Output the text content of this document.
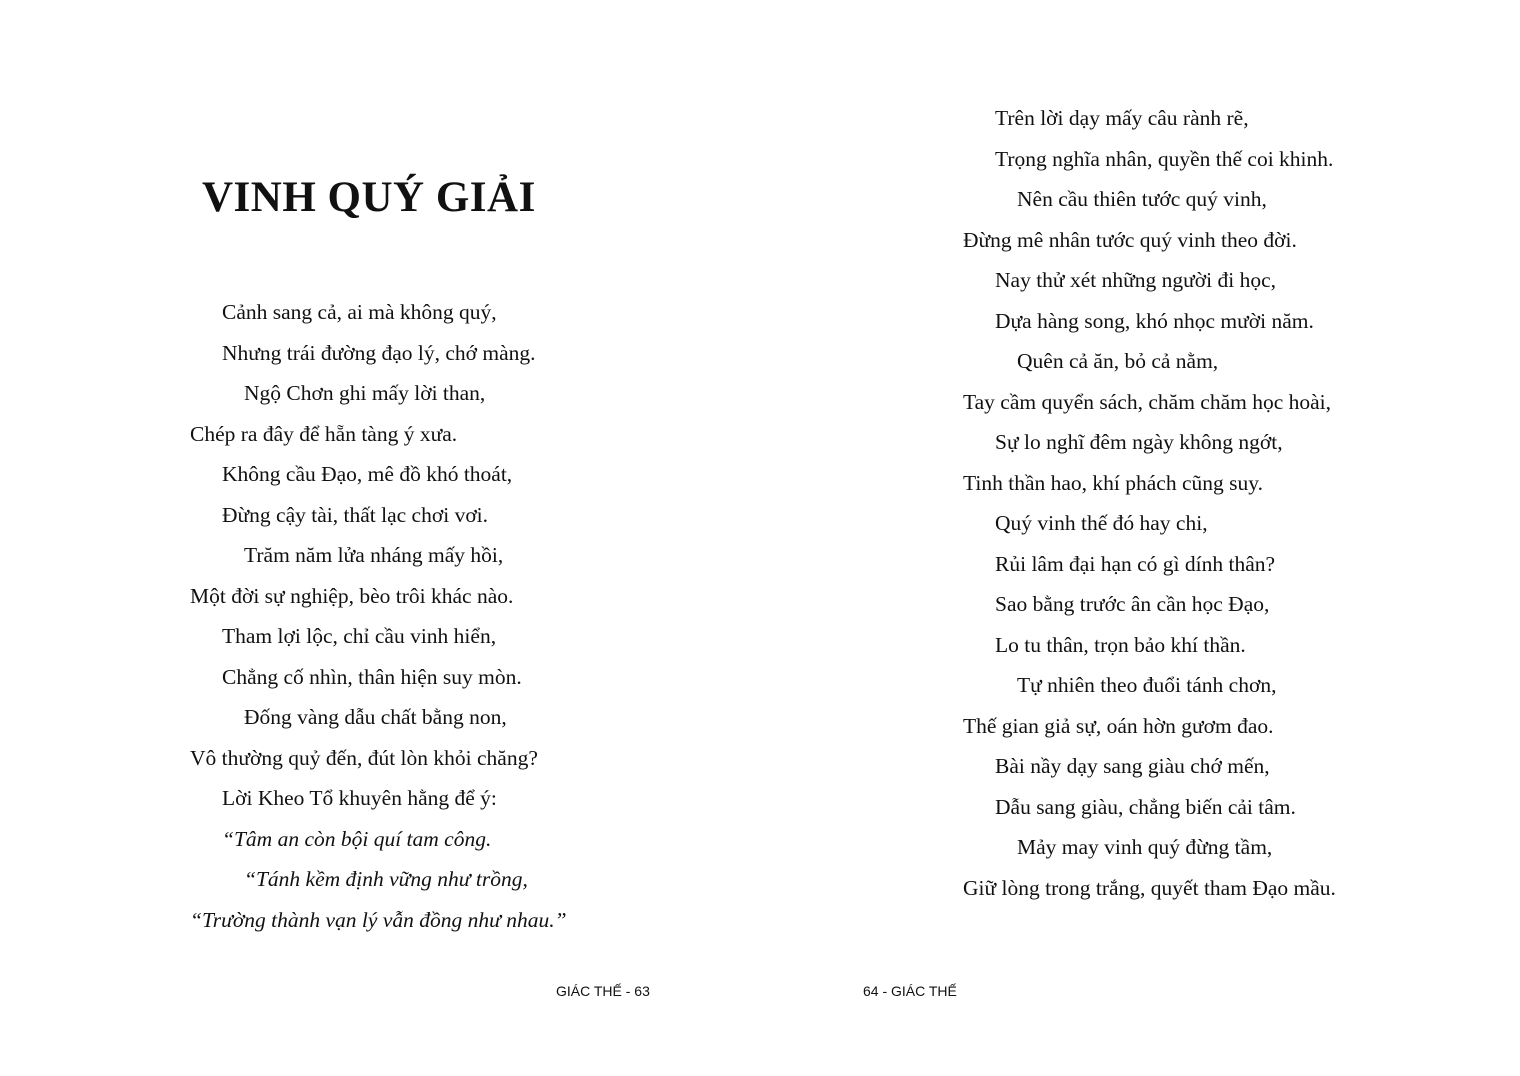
VINH QUÝ GIẢI
Cảnh sang cả, ai mà không quý,
Nhưng trái đường đạo lý, chớ màng.
Ngộ Chơn ghi mấy lời than,
Chép ra đây để hẵn tàng ý xưa.
Không cầu Đạo, mê đồ khó thoát,
Đừng cậy tài, thất lạc chơi vơi.
Trăm năm lửa nháng mấy hồi,
Một đời sự nghiệp, bèo trôi khác nào.
Tham lợi lộc, chỉ cầu vinh hiển,
Chẳng cố nhìn, thân hiện suy mòn.
Đống vàng dẫu chất bằng non,
Vô thường quỷ đến, đút lòn khỏi chăng?
Lời Kheo Tổ khuyên hằng để ý:
“Tâm an còn bội quí tam công.
“Tánh kềm định vững như trồng,
“Trường thành vạn lý vẫn đồng như nhau.”
GIÁC THẾ - 63
Trên lời dạy mấy câu rành rẽ,
Trọng nghĩa nhân, quyền thế coi khinh.
Nên cầu thiên tước quý vinh,
Đừng mê nhân tước quý vinh theo đời.
Nay thử xét những người đi học,
Dựa hàng song, khó nhọc mười năm.
Quên cả ăn, bỏ cả nằm,
Tay cầm quyển sách, chăm chăm học hoài,
Sự lo nghĩ đêm ngày không ngớt,
Tinh thần hao, khí phách cũng suy.
Quý vinh thế đó hay chi,
Rủi lâm đại hạn có gì dính thân?
Sao bằng trước ân cần học Đạo,
Lo tu thân, trọn bảo khí thần.
Tự nhiên theo đuổi tánh chơn,
Thế gian giả sự, oán hờn gươm đao.
Bài nầy dạy sang giàu chớ mến,
Dẫu sang giàu, chẳng biến cải tâm.
Mảy may vinh quý đừng tầm,
Giữ lòng trong trắng, quyết tham Đạo mầu.
64 - GIÁC THẾ
